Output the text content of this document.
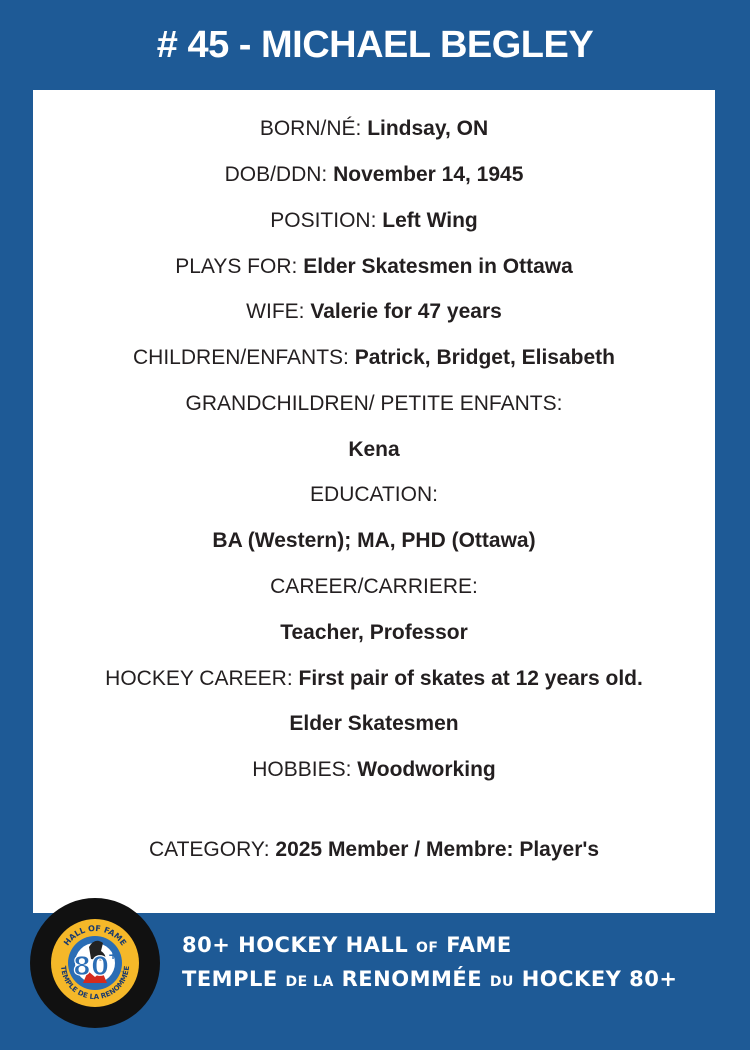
# 45 - MICHAEL BEGLEY
BORN/NÉ: Lindsay, ON
DOB/DDN: November 14, 1945
POSITION: Left Wing
PLAYS FOR: Elder Skatesmen in Ottawa
WIFE: Valerie for 47 years
CHILDREN/ENFANTS: Patrick, Bridget, Elisabeth
GRANDCHILDREN/ PETITE ENFANTS:
Kena
EDUCATION:
BA (Western); MA, PHD (Ottawa)
CAREER/CARRIERE:
Teacher, Professor
HOCKEY CAREER: First pair of skates at 12 years old.
Elder Skatesmen
HOBBIES: Woodworking
CATEGORY: 2025 Member / Membre: Player's
HALL OF FAME
TEMPLE DE LA RENOMMÉE
80
+	80+ HOCKEY HALL OF FAME
TEMPLE DE LA RENOMMÉE DU HOCKEY 80+
